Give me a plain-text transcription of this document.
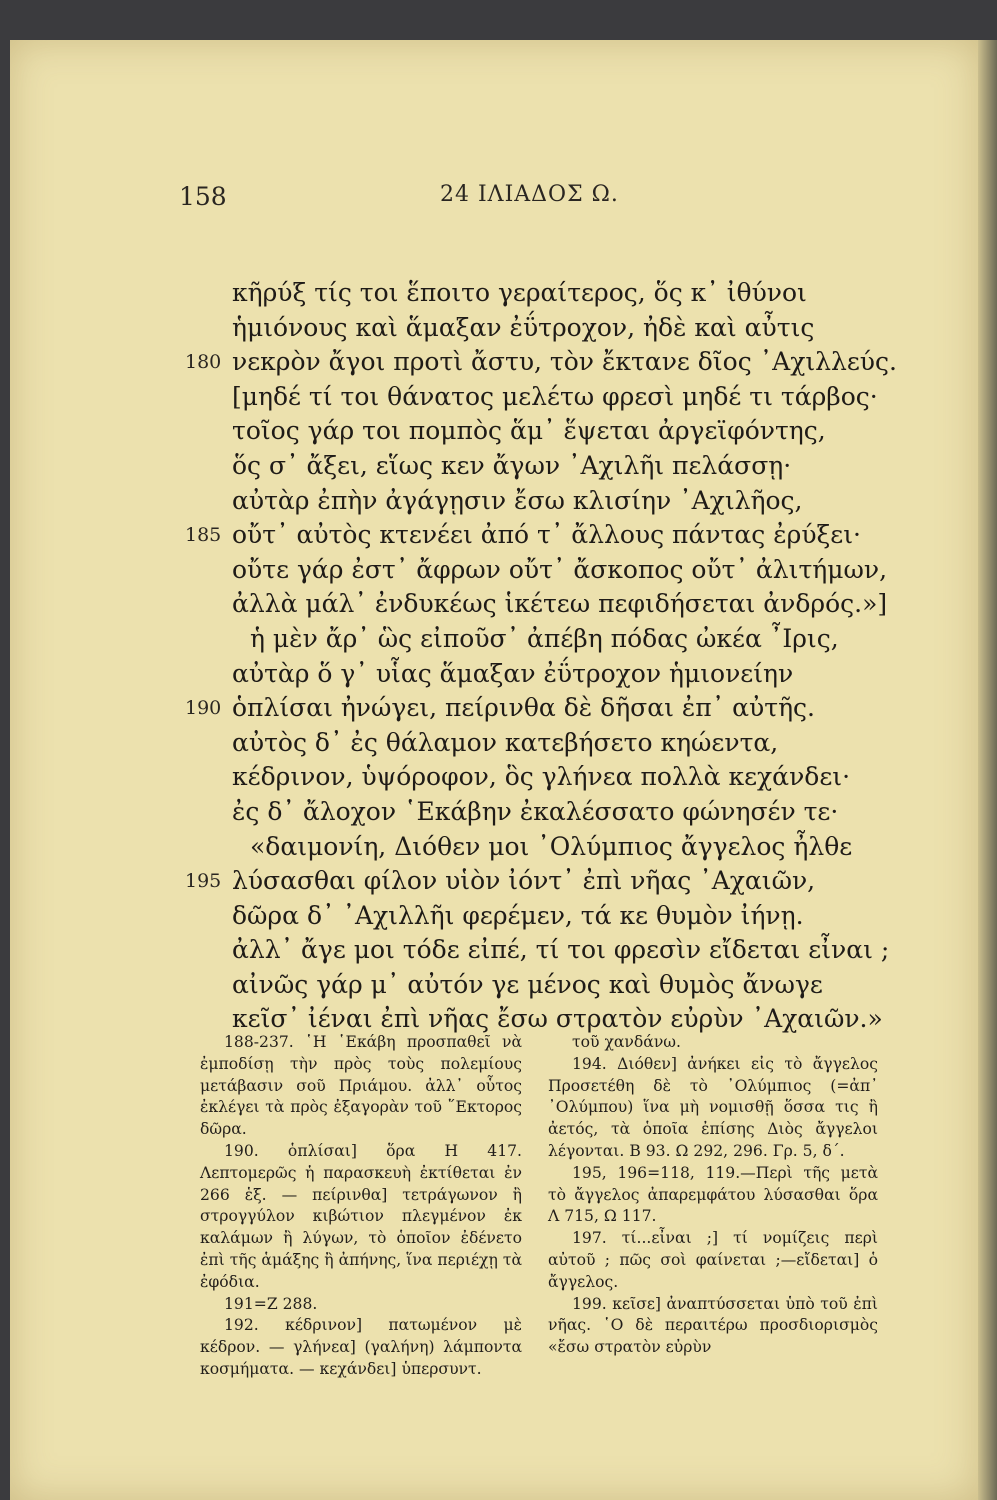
158	24 ΙΛΙΑΔΟΣ Ω.
κῆρύξ τίς τοι ἕποιτο γεραίτερος, ὅς κ᾿ ἰθύνοι
ἡμιόνους καὶ ἅμαξαν ἐΰτροχον, ἠδὲ καὶ αὖτις
180 νεκρὸν ἄγοι προτὶ ἄστυ, τὸν ἔκτανε δῖος ᾿Αχιλλεύς.
[μηδέ τί τοι θάνατος μελέτω φρεσὶ μηδέ τι τάρβος·
τοῖος γάρ τοι πομπὸς ἅμ᾿ ἕψεται ἀργεϊφόντης,
ὅς σ᾿ ἄξει, εἵως κεν ἄγων ᾿Αχιλῆι πελάσσῃ·
αὐτὰρ ἐπὴν ἀγάγῃσιν ἔσω κλισίην ᾿Αχιλῆος,
185 οὔτ᾿ αὐτὸς κτενέει ἀπό τ᾿ ἄλλους πάντας ἐρύξει·
οὔτε γάρ ἐστ᾿ ἄφρων οὔτ᾿ ἄσκοπος οὔτ᾿ ἀλιτήμων,
ἀλλὰ μάλ᾿ ἐνδυκέως ἱκέτεω πεφιδήσεται ἀνδρός.»]
ἡ μὲν ἄρ᾿ ὣς εἰποῦσ᾿ ἀπέβη πόδας ὠκέα ῏Ιρις,
αὐτὰρ ὅ γ᾿ υἷας ἅμαξαν ἐΰτροχον ἡμιονείην
190 ὁπλίσαι ἠνώγει, πείρινθα δὲ δῆσαι ἐπ᾿ αὐτῆς.
αὐτὸς δ᾿ ἐς θάλαμον κατεβήσετο κηώεντα,
κέδρινον, ὑψόροφον, ὃς γλήνεα πολλὰ κεχάνδει·
ἐς δ᾿ ἄλοχον ῾Εκάβην ἐκαλέσσατο φώνησέν τε·
«δαιμονίη, Διόθεν μοι ᾿Ολύμπιος ἄγγελος ἦλθε
195 λύσασθαι φίλον υἱὸν ἰόντ᾿ ἐπὶ νῆας ᾿Αχαιῶν,
δῶρα δ᾿ ᾿Αχιλλῆι φερέμεν, τά κε θυμὸν ἰήνῃ.
ἀλλ᾿ ἄγε μοι τόδε εἰπέ, τί τοι φρεσὶν εἴδεται εἶναι ;
αἰνῶς γάρ μ᾿ αὐτόν γε μένος καὶ θυμὸς ἄνωγε
κεῖσ᾿ ἰέναι ἐπὶ νῆας ἔσω στρατὸν εὐρὺν ᾿Αχαιῶν.»

188-237. ῾Η ῾Εκάβη προσπαθεῖ νὰ ἐμποδίσῃ τὴν πρὸς τοὺς πολεμίους μετάβασιν σοῦ Πριάμου. ἀλλ᾿ οὗτος ἐκλέγει τὰ πρὸς ἐξαγορὰν τοῦ ῞Εκτορος δῶρα.

190. ὁπλίσαι] ὅρα Η 417. Λεπτομερῶς ἡ παρασκευὴ ἐκτίθεται ἐν 266 ἑξ. — πείρινθα] τετράγωνον ἢ στρογγύλον κιβώτιον πλεγμένον ἐκ καλάμων ἢ λύγων, τὸ ὁποῖον ἐδένετο ἐπὶ τῆς ἁμάξης ἢ ἀπήνης, ἵνα περιέχῃ τὰ ἐφόδια.

191=Ζ 288.

192. κέδρινον] πατωμένον μὲ κέδρον. — γλήνεα] (γαλήνη) λάμποντα κοσμήματα. — κεχάνδει] ὑπερσυντ.

τοῦ χανδάνω.

194. Διόθεν] ἀνήκει εἰς τὸ ἄγγελος Προσετέθη δὲ τὸ ᾿Ολύμπιος (=ἀπ᾿ ᾿Ολύμπου) ἵνα μὴ νομισθῇ ὅσσα τις ἢ ἀετός, τὰ ὁποῖα ἐπίσης Διὸς ἄγγελοι λέγονται. Β 93. Ω 292, 296. Γρ. 5, δ΄.

195, 196=118, 119.—Περὶ τῆς μετὰ τὸ ἄγγελος ἀπαρεμφάτου λύσασθαι ὅρα Λ 715, Ω 117.

197. τί...εἶναι ;] τί νομίζεις περὶ αὐτοῦ ; πῶς σοὶ φαίνεται ;—εἴδεται] ὁ ἄγγελος.

199. κεῖσε] ἀναπτύσσεται ὑπὸ τοῦ ἐπὶ νῆας. ῾Ο δὲ περαιτέρω προσδιορισμὸς «ἔσω στρατὸν εὐρὺν
